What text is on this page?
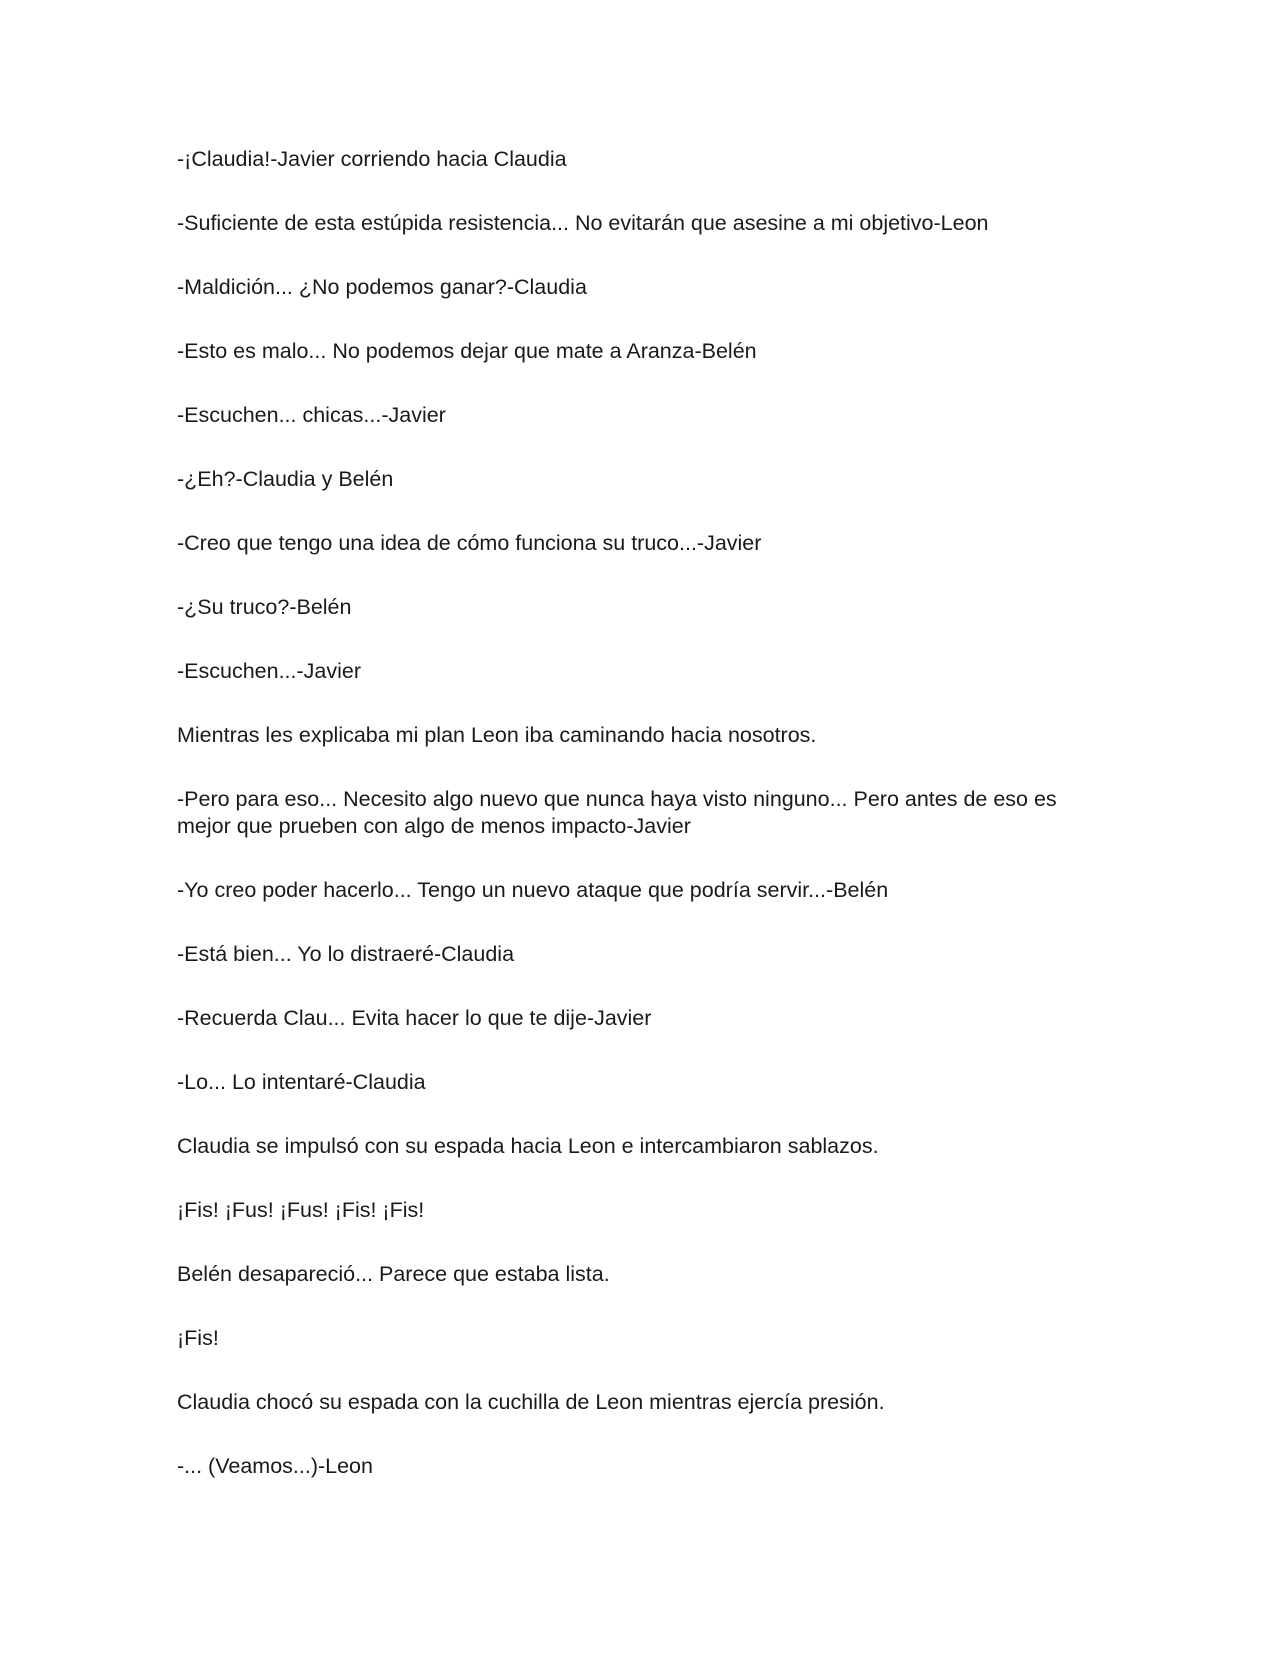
-¡Claudia!-Javier corriendo hacia Claudia

-Suficiente de esta estúpida resistencia... No evitarán que asesine a mi objetivo-Leon

-Maldición... ¿No podemos ganar?-Claudia

-Esto es malo... No podemos dejar que mate a Aranza-Belén

-Escuchen... chicas...-Javier

-¿Eh?-Claudia y Belén

-Creo que tengo una idea de cómo funciona su truco...-Javier

-¿Su truco?-Belén

-Escuchen...-Javier

Mientras les explicaba mi plan Leon iba caminando hacia nosotros.

-Pero para eso... Necesito algo nuevo que nunca haya visto ninguno... Pero antes de eso es mejor que prueben con algo de menos impacto-Javier

-Yo creo poder hacerlo... Tengo un nuevo ataque que podría servir...-Belén

-Está bien... Yo lo distraeré-Claudia

-Recuerda Clau... Evita hacer lo que te dije-Javier

-Lo... Lo intentaré-Claudia

Claudia se impulsó con su espada hacia Leon e intercambiaron sablazos.

¡Fis! ¡Fus! ¡Fus! ¡Fis! ¡Fis!

Belén desapareció... Parece que estaba lista.

¡Fis!

Claudia chocó su espada con la cuchilla de Leon mientras ejercía presión.

-... (Veamos...)-Leon
